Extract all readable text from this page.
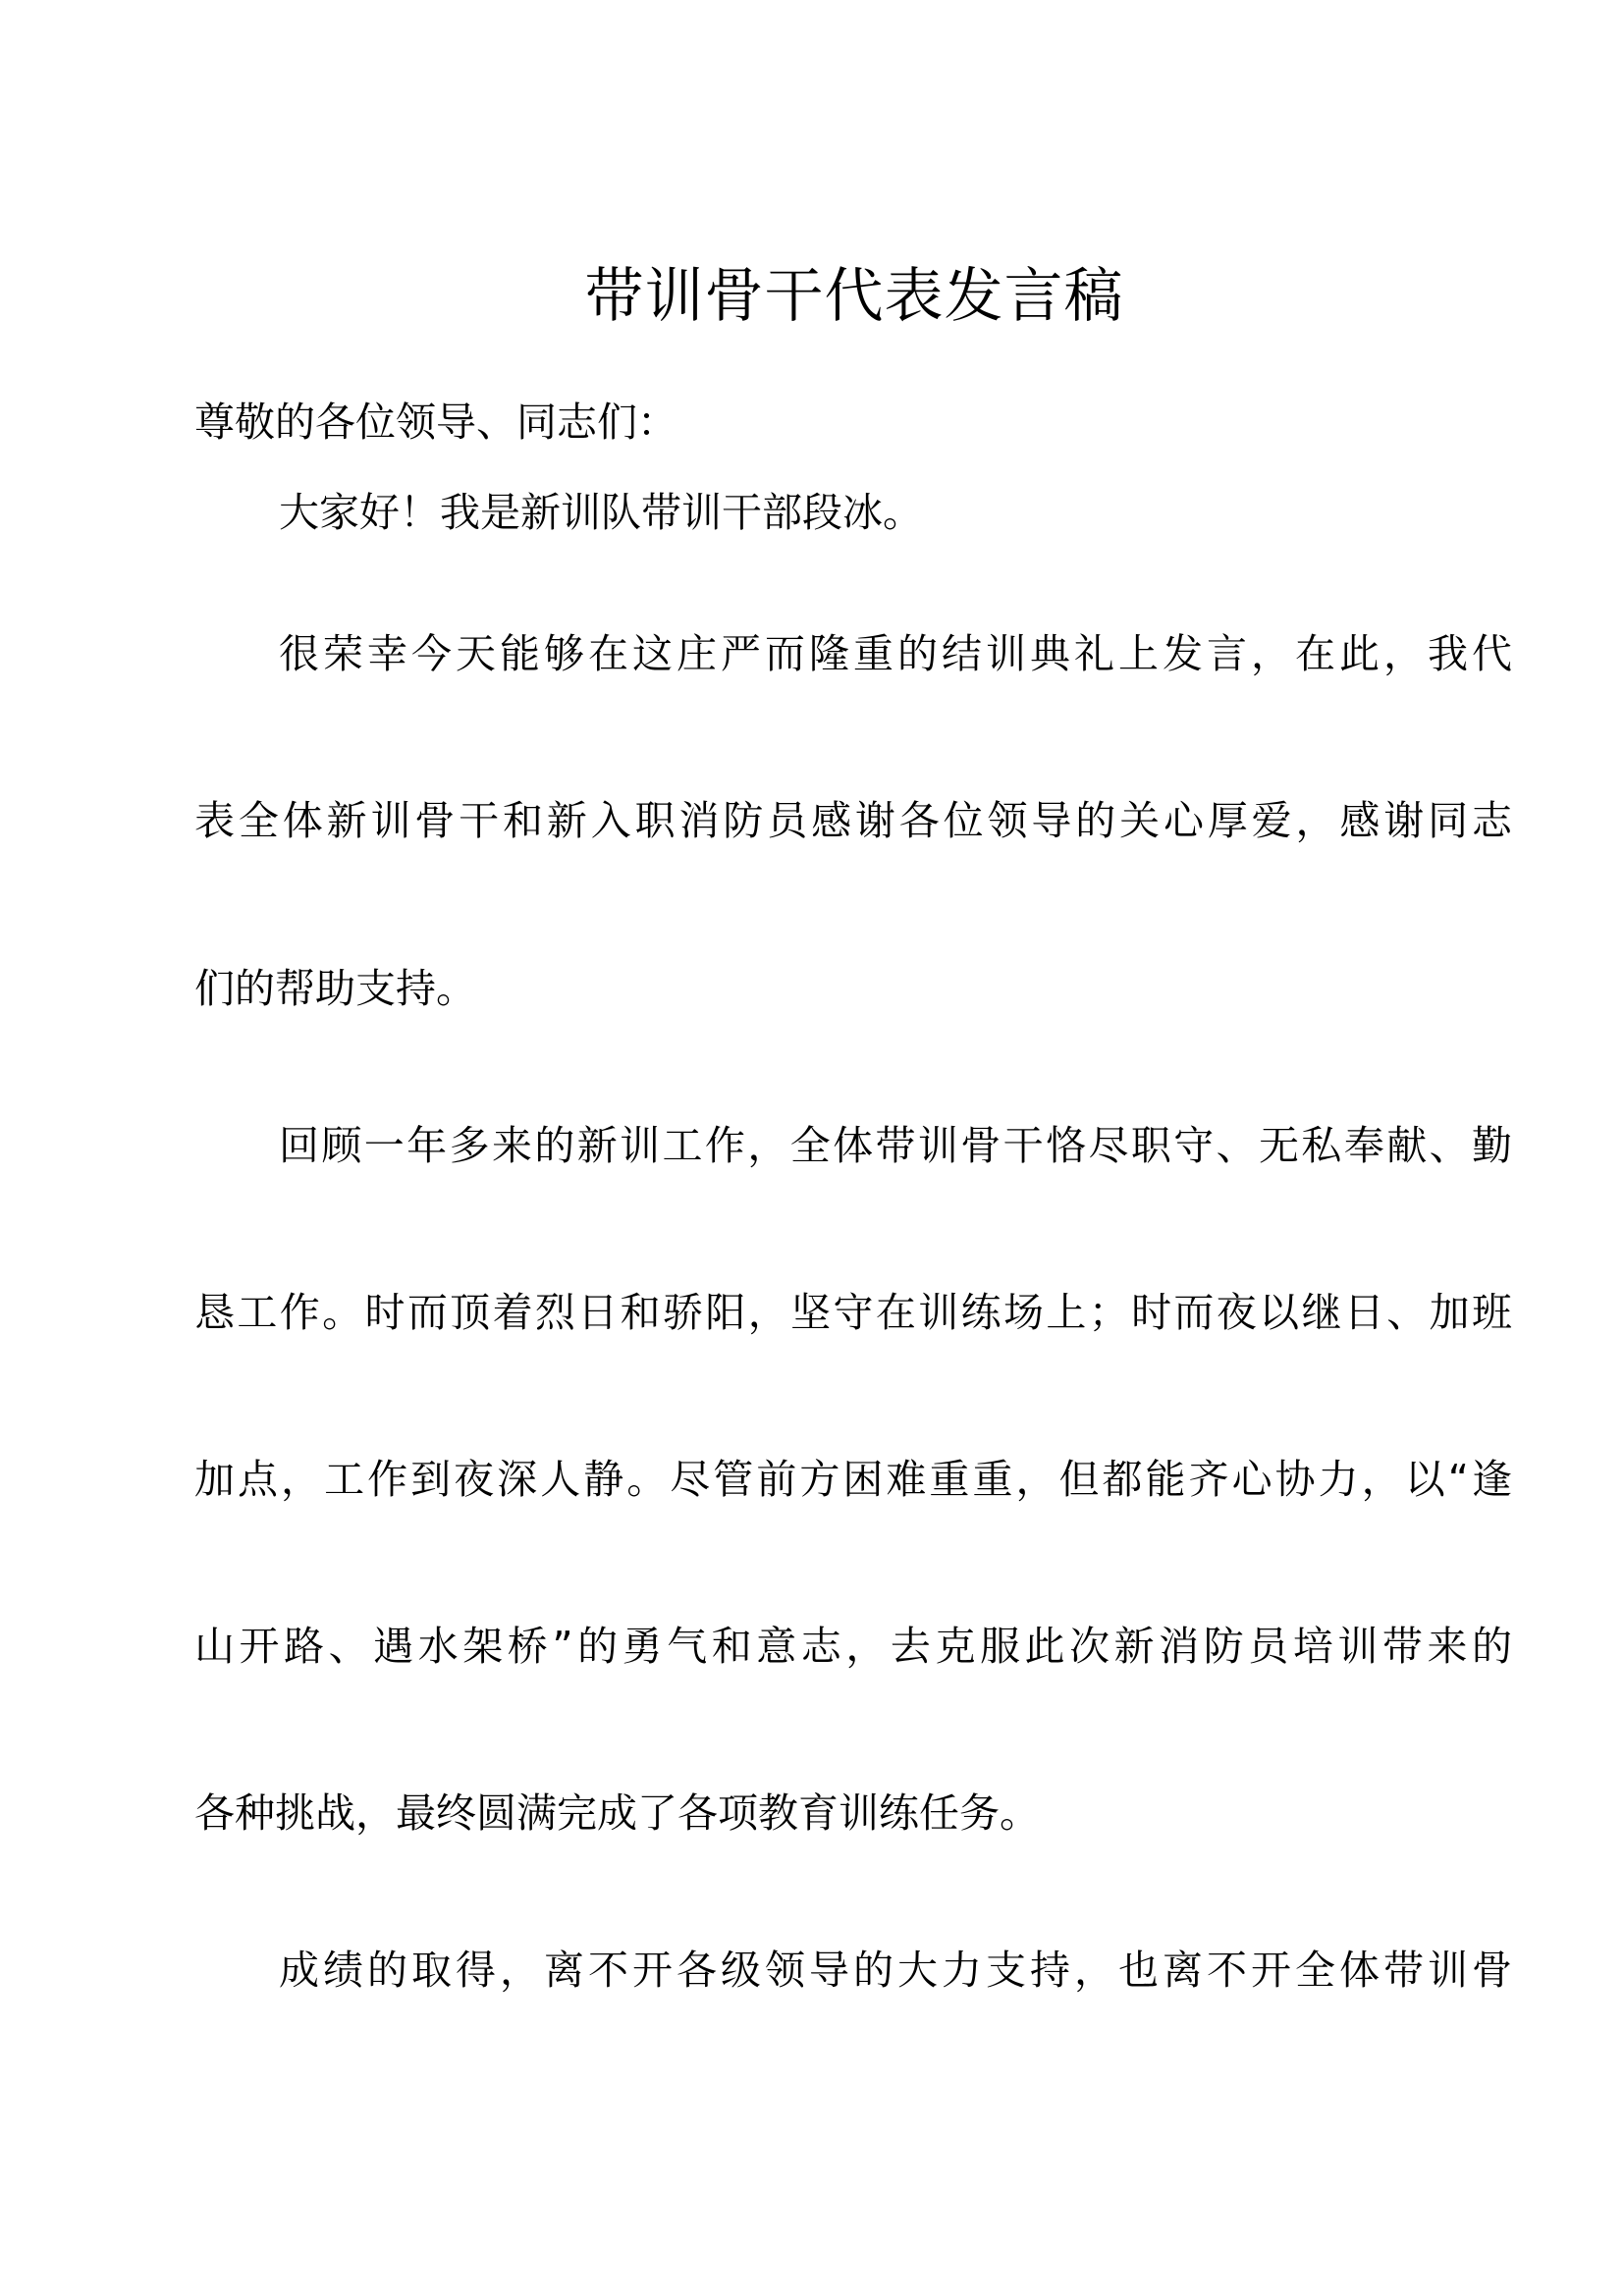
带训骨干代表发言稿
尊敬的各位领导、同志们：
大家好！我是新训队带训干部段冰。
很荣幸今天能够在这庄严而隆重的结训典礼上发言，在此，我代
表全体新训骨干和新入职消防员感谢各位领导的关心厚爱，感谢同志
们的帮助支持。
回顾一年多来的新训工作，全体带训骨干恪尽职守、无私奉献、勤
恳工作。时而顶着烈日和骄阳，坚守在训练场上；时而夜以继日、加班
加点，工作到夜深人静。尽管前方困难重重，但都能齐心协力，以“逢
山开路、遇水架桥”的勇气和意志，去克服此次新消防员培训带来的
各种挑战，最终圆满完成了各项教育训练任务。
成绩的取得，离不开各级领导的大力支持，也离不开全体带训骨
